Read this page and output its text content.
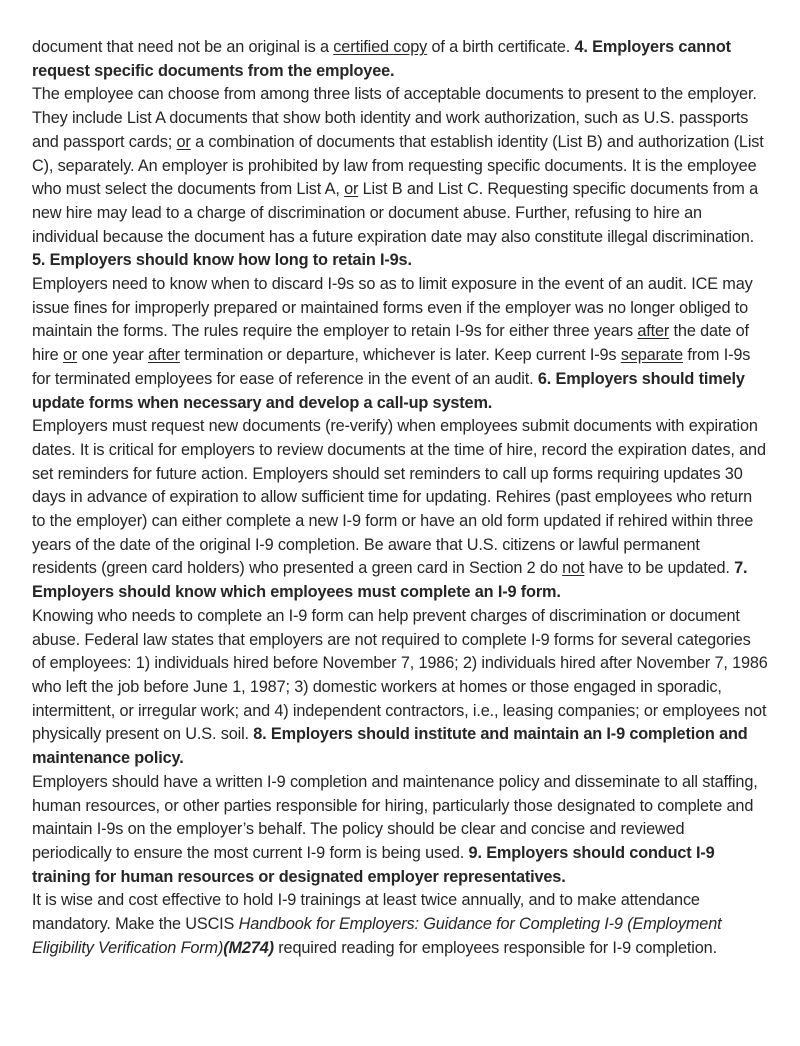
document that need not be an original is a certified copy of a birth certificate. 4. Employers cannot request specific documents from the employee.

The employee can choose from among three lists of acceptable documents to present to the employer. They include List A documents that show both identity and work authorization, such as U.S. passports and passport cards; or a combination of documents that establish identity (List B) and authorization (List C), separately. An employer is prohibited by law from requesting specific documents. It is the employee who must select the documents from List A, or List B and List C. Requesting specific documents from a new hire may lead to a charge of discrimination or document abuse. Further, refusing to hire an individual because the document has a future expiration date may also constitute illegal discrimination. 5. Employers should know how long to retain I-9s.

Employers need to know when to discard I-9s so as to limit exposure in the event of an audit. ICE may issue fines for improperly prepared or maintained forms even if the employer was no longer obliged to maintain the forms. The rules require the employer to retain I-9s for either three years after the date of hire or one year after termination or departure, whichever is later. Keep current I-9s separate from I-9s for terminated employees for ease of reference in the event of an audit. 6. Employers should timely update forms when necessary and develop a call-up system.

Employers must request new documents (re-verify) when employees submit documents with expiration dates. It is critical for employers to review documents at the time of hire, record the expiration dates, and set reminders for future action. Employers should set reminders to call up forms requiring updates 30 days in advance of expiration to allow sufficient time for updating. Rehires (past employees who return to the employer) can either complete a new I-9 form or have an old form updated if rehired within three years of the date of the original I-9 completion. Be aware that U.S. citizens or lawful permanent residents (green card holders) who presented a green card in Section 2 do not have to be updated. 7. Employers should know which employees must complete an I-9 form.

Knowing who needs to complete an I-9 form can help prevent charges of discrimination or document abuse. Federal law states that employers are not required to complete I-9 forms for several categories of employees: 1) individuals hired before November 7, 1986; 2) individuals hired after November 7, 1986 who left the job before June 1, 1987; 3) domestic workers at homes or those engaged in sporadic, intermittent, or irregular work; and 4) independent contractors, i.e., leasing companies; or employees not physically present on U.S. soil. 8. Employers should institute and maintain an I-9 completion and maintenance policy.

Employers should have a written I-9 completion and maintenance policy and disseminate to all staffing, human resources, or other parties responsible for hiring, particularly those designated to complete and maintain I-9s on the employer’s behalf. The policy should be clear and concise and reviewed periodically to ensure the most current I-9 form is being used. 9. Employers should conduct I-9 training for human resources or designated employer representatives.

It is wise and cost effective to hold I-9 trainings at least twice annually, and to make attendance mandatory. Make the USCIS Handbook for Employers: Guidance for Completing I-9 (Employment Eligibility Verification Form)(M274) required reading for employees responsible for I-9 completion.
